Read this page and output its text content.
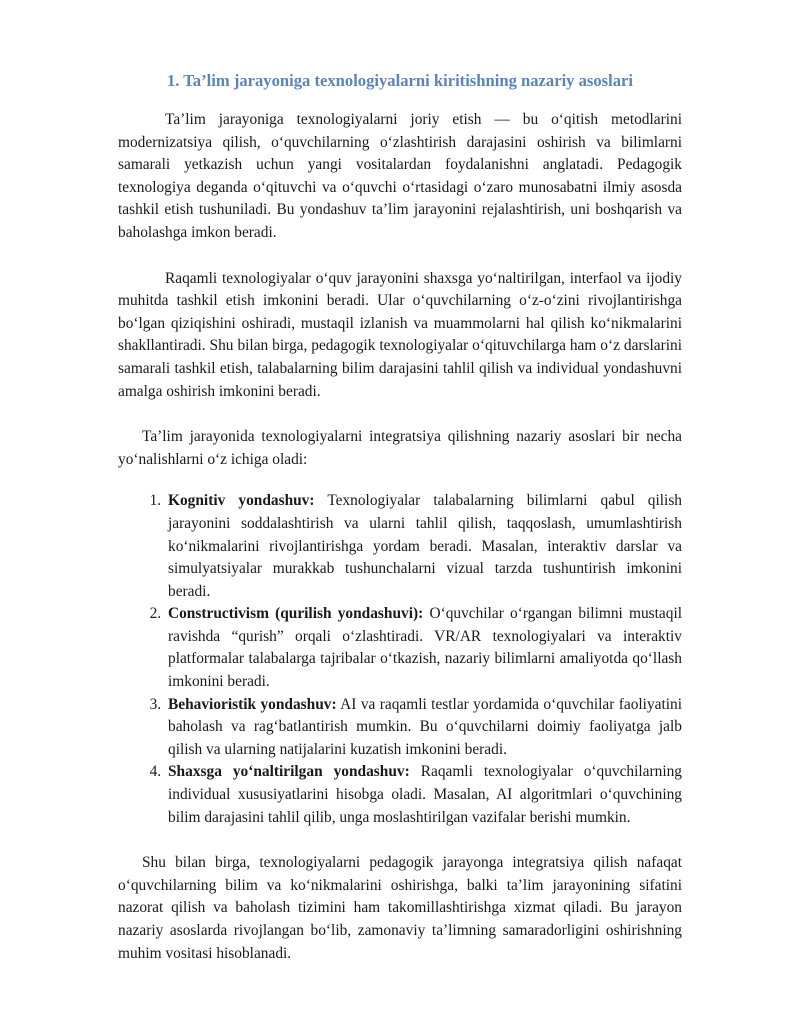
1. Ta’lim jarayoniga texnologiyalarni kiritishning nazariy asoslari

Ta’lim jarayoniga texnologiyalarni joriy etish — bu o‘qitish metodlarini modernizatsiya qilish, o‘quvchilarning o‘zlashtirish darajasini oshirish va bilimlarni samarali yetkazish uchun yangi vositalardan foydalanishni anglatadi. Pedagogik texnologiya deganda o‘qituvchi va o‘quvchi o‘rtasidagi o‘zaro munosabatni ilmiy asosda tashkil etish tushuniladi. Bu yondashuv ta’lim jarayonini rejalashtirish, uni boshqarish va baholashga imkon beradi.

Raqamli texnologiyalar o‘quv jarayonini shaxsga yo‘naltirilgan, interfaol va ijodiy muhitda tashkil etish imkonini beradi. Ular o‘quvchilarning o‘z-o‘zini rivojlantirishga bo‘lgan qiziqishini oshiradi, mustaqil izlanish va muammolarni hal qilish ko‘nikmalarini shakllantiradi. Shu bilan birga, pedagogik texnologiyalar o‘qituvchilarga ham o‘z darslarini samarali tashkil etish, talabalarning bilim darajasini tahlil qilish va individual yondashuvni amalga oshirish imkonini beradi.

Ta’lim jarayonida texnologiyalarni integratsiya qilishning nazariy asoslari bir necha yo‘nalishlarni o‘z ichiga oladi:

1. Kognitiv yondashuv: Texnologiyalar talabalarning bilimlarni qabul qilish jarayonini soddalashtirish va ularni tahlil qilish, taqqoslash, umumlashtirish ko‘nikmalarini rivojlantirishga yordam beradi. Masalan, interaktiv darslar va simulyatsiyalar murakkab tushunchalarni vizual tarzda tushuntirish imkonini beradi.
2. Constructivism (qurilish yondashuvi): O‘quvchilar o‘rgangan bilimni mustaqil ravishda “qurish” orqali o‘zlashtiradi. VR/AR texnologiyalari va interaktiv platformalar talabalarga tajribalar o‘tkazish, nazariy bilimlarni amaliyotda qo‘llash imkonini beradi.
3. Behavioristik yondashuv: AI va raqamli testlar yordamida o‘quvchilar faoliyatini baholash va rag‘batlantirish mumkin. Bu o‘quvchilarni doimiy faoliyatga jalb qilish va ularning natijalarini kuzatish imkonini beradi.
4. Shaxsga yo‘naltirilgan yondashuv: Raqamli texnologiyalar o‘quvchilarning individual xususiyatlarini hisobga oladi. Masalan, AI algoritmlari o‘quvchining bilim darajasini tahlil qilib, unga moslashtirilgan vazifalar berishi mumkin.

Shu bilan birga, texnologiyalarni pedagogik jarayonga integratsiya qilish nafaqat o‘quvchilarning bilim va ko‘nikmalarini oshirishga, balki ta’lim jarayonining sifatini nazorat qilish va baholash tizimini ham takomillashtirishga xizmat qiladi. Bu jarayon nazariy asoslarda rivojlangan bo‘lib, zamonaviy ta’limning samaradorligini oshirishning muhim vositasi hisoblanadi.
